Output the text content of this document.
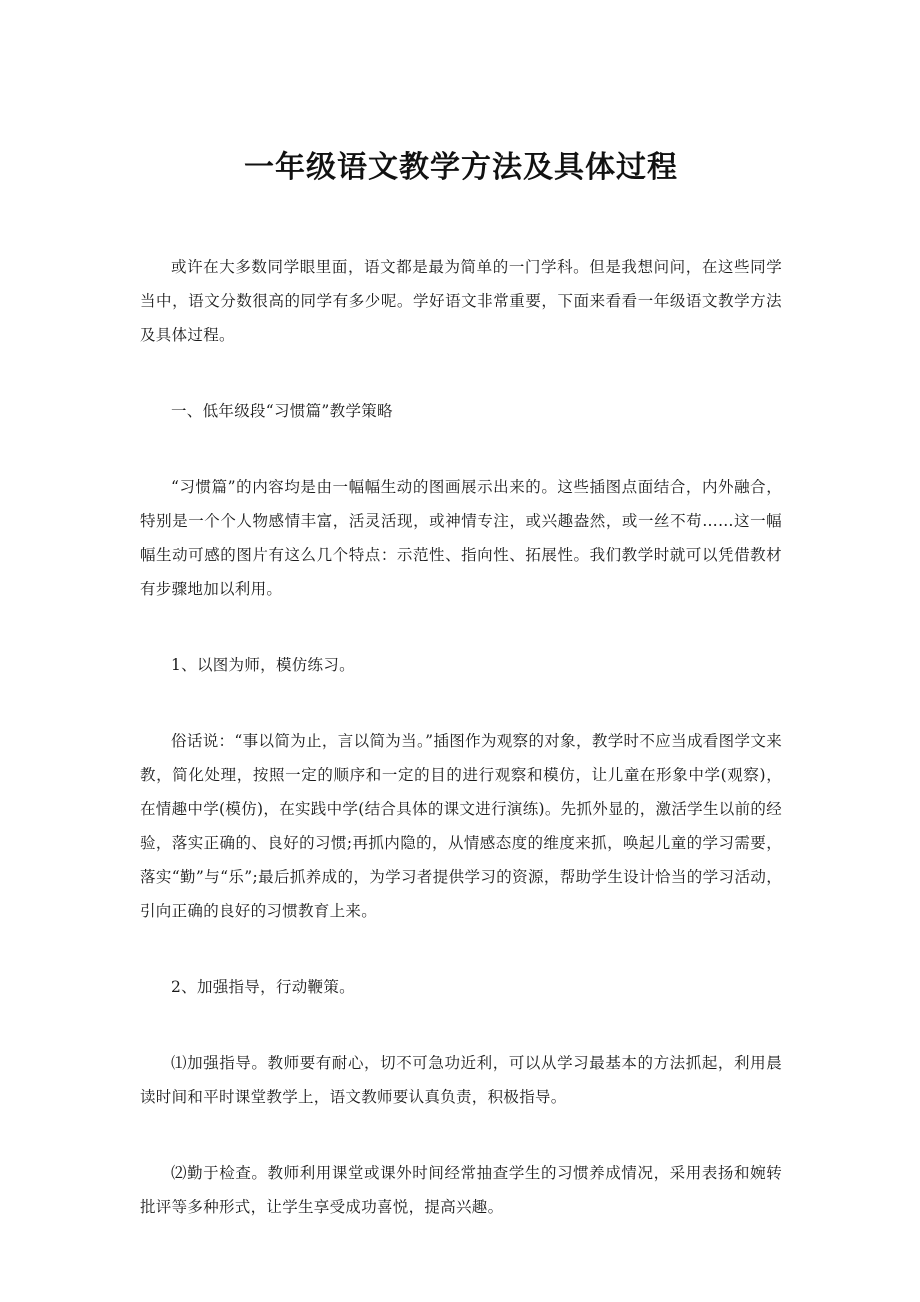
一年级语文教学方法及具体过程

或许在大多数同学眼里面，语文都是最为简单的一门学科。但是我想问问，在这些同学当中，语文分数很高的同学有多少呢。学好语文非常重要，下面来看看一年级语文教学方法及具体过程。

一、低年级段“习惯篇”教学策略

“习惯篇”的内容均是由一幅幅生动的图画展示出来的。这些插图点面结合，内外融合，特别是一个个人物感情丰富，活灵活现，或神情专注，或兴趣盎然，或一丝不苟……这一幅幅生动可感的图片有这么几个特点：示范性、指向性、拓展性。我们教学时就可以凭借教材有步骤地加以利用。

1、以图为师，模仿练习。

俗话说：“事以简为止，言以简为当。”插图作为观察的对象，教学时不应当成看图学文来教，简化处理，按照一定的顺序和一定的目的进行观察和模仿，让儿童在形象中学(观察)，在情趣中学(模仿)，在实践中学(结合具体的课文进行演练)。先抓外显的，激活学生以前的经验，落实正确的、良好的习惯;再抓内隐的，从情感态度的维度来抓，唤起儿童的学习需要，落实“勤”与“乐”;最后抓养成的，为学习者提供学习的资源，帮助学生设计恰当的学习活动，引向正确的良好的习惯教育上来。

2、加强指导，行动鞭策。

⑴加强指导。教师要有耐心，切不可急功近利，可以从学习最基本的方法抓起，利用晨读时间和平时课堂教学上，语文教师要认真负责，积极指导。

⑵勤于检查。教师利用课堂或课外时间经常抽查学生的习惯养成情况，采用表扬和婉转批评等多种形式，让学生享受成功喜悦，提高兴趣。
